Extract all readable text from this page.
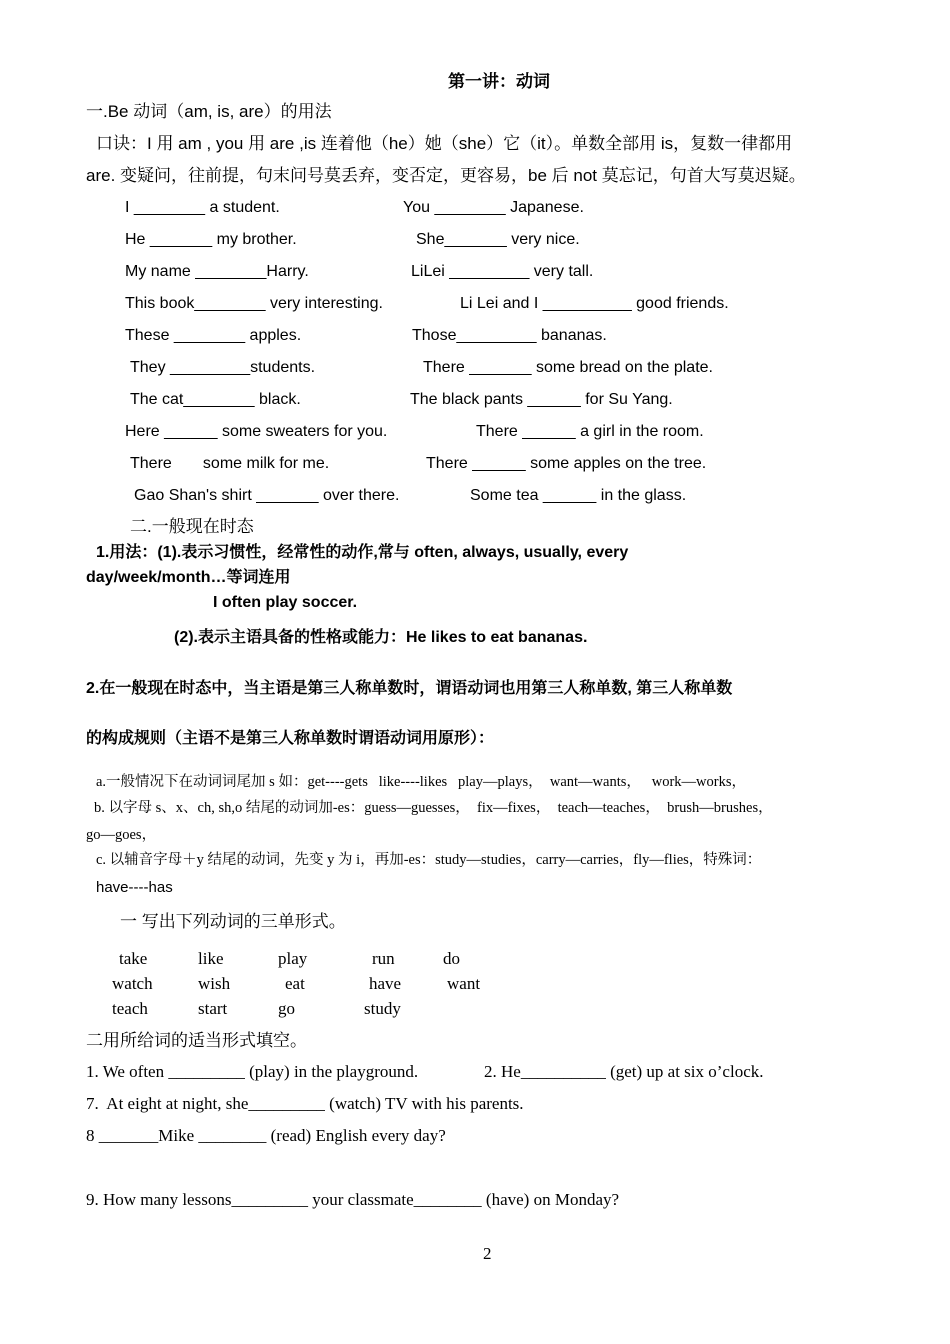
第一讲：动词
一.Be 动词（am, is, are）的用法
口诀：I 用 am , you 用 are ,is 连着他（he）她（she）它（it）。单数全部用 is，复数一律都用
are. 变疑问，往前提，句末问号莫丢弃，变否定，更容易，be 后 not 莫忘记，句首大写莫迟疑。
I ________ a student.	You ________ Japanese.
He _______ my brother.	She_______ very nice.
My name ________Harry.	LiLei _________ very tall.
This book________ very interesting.	Li Lei and I __________ good friends.
These ________ apples.	Those_________ bananas.
They _________students.	There _______ some bread on the plate.
The cat________ black.	The black pants ______ for Su Yang.
Here ______ some sweaters for you.	There ______ a girl in the room.
There       some milk for me.	There ______ some apples on the tree.
Gao Shan's shirt _______ over there.	Some tea ______ in the glass.
二.一般现在时态
1.用法：(1).表示习惯性，经常性的动作,常与 often, always, usually, every
day/week/month…等词连用
I often play soccer.
(2).表示主语具备的性格或能力：He likes to eat bananas.
2.在一般现在时态中，当主语是第三人称单数时，谓语动词也用第三人称单数, 第三人称单数
的构成规则（主语不是第三人称单数时谓语动词用原形）：
a.一般情况下在动词词尾加 s 如：get----gets   like----likes   play—plays，  want—wants，   work—works，
b. 以字母 s、x、ch, sh,o 结尾的动词加-es：guess—guesses，  fix—fixes，  teach—teaches，  brush—brushes，
go—goes，
c. 以辅音字母＋y 结尾的动词，先变 y 为 i，再加-es：study—studies，carry—carries，fly—flies，特殊词：
have----has
一 写出下列动词的三单形式。
take	like	play	run	do
watch	wish	eat	have	want
teach	start	go	study
二用所给词的适当形式填空。
1. We often _________ (play) in the playground.	2. He__________ (get) up at six o’clock.
7.  At eight at night, she_________ (watch) TV with his parents.
8 _______Mike ________ (read) English every day?
9. How many lessons_________ your classmate________ (have) on Monday?
2
